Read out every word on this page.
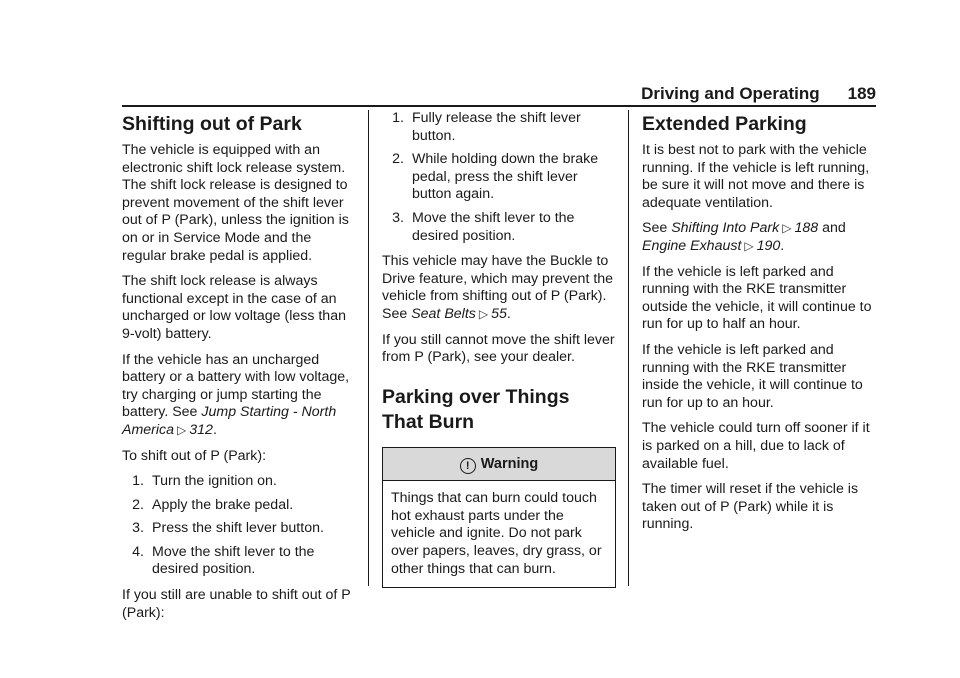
Driving and Operating 189
Shifting out of Park

The vehicle is equipped with an electronic shift lock release system. The shift lock release is designed to prevent movement of the shift lever out of P (Park), unless the ignition is on or in Service Mode and the regular brake pedal is applied.

The shift lock release is always functional except in the case of an uncharged or low voltage (less than 9-volt) battery.

If the vehicle has an uncharged battery or a battery with low voltage, try charging or jump starting the battery. See Jump Starting - North America ▷ 312.

To shift out of P (Park):

1. Turn the ignition on.
2. Apply the brake pedal.
3. Press the shift lever button.
4. Move the shift lever to the desired position.

If you still are unable to shift out of P (Park):

1. Fully release the shift lever button.
2. While holding down the brake pedal, press the shift lever button again.
3. Move the shift lever to the desired position.

This vehicle may have the Buckle to Drive feature, which may prevent the vehicle from shifting out of P (Park). See Seat Belts ▷ 55.

If you still cannot move the shift lever from P (Park), see your dealer.

Parking over Things That Burn
! Warning
Things that can burn could touch hot exhaust parts under the vehicle and ignite. Do not park over papers, leaves, dry grass, or other things that can burn.
Extended Parking

It is best not to park with the vehicle running. If the vehicle is left running, be sure it will not move and there is adequate ventilation.

See Shifting Into Park ▷ 188 and Engine Exhaust ▷ 190.

If the vehicle is left parked and running with the RKE transmitter outside the vehicle, it will continue to run for up to half an hour.

If the vehicle is left parked and running with the RKE transmitter inside the vehicle, it will continue to run for up to an hour.

The vehicle could turn off sooner if it is parked on a hill, due to lack of available fuel.

The timer will reset if the vehicle is taken out of P (Park) while it is running.
